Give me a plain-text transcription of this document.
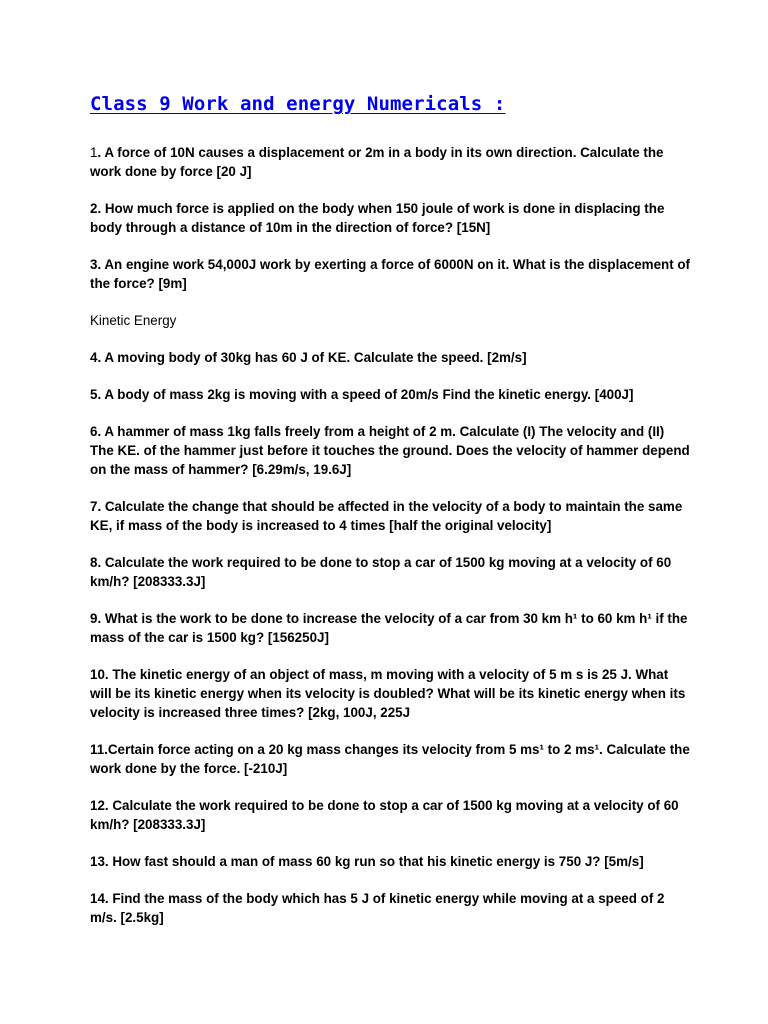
Class 9 Work and energy Numericals :

1. A force of 10N causes a displacement or 2m in a body in its own direction. Calculate the work done by force [20 J]

2. How much force is applied on the body when 150 joule of work is done in displacing the body through a distance of 10m in the direction of force? [15N]

3. An engine work 54,000J work by exerting a force of 6000N on it. What is the displacement of the force? [9m]

Kinetic Energy

4. A moving body of 30kg has 60 J of KE. Calculate the speed. [2m/s]

5. A body of mass 2kg is moving with a speed of 20m/s Find the kinetic energy. [400J]

6. A hammer of mass 1kg falls freely from a height of 2 m. Calculate (I) The velocity and (II) The KE. of the hammer just before it touches the ground. Does the velocity of hammer depend on the mass of hammer? [6.29m/s, 19.6J]

7. Calculate the change that should be affected in the velocity of a body to maintain the same KE, if mass of the body is increased to 4 times [half the original velocity]

8. Calculate the work required to be done to stop a car of 1500 kg moving at a velocity of 60 km/h? [208333.3J]

9. What is the work to be done to increase the velocity of a car from 30 km h¹ to 60 km h¹ if the mass of the car is 1500 kg? [156250J]

10. The kinetic energy of an object of mass, m moving with a velocity of 5 m s is 25 J. What will be its kinetic energy when its velocity is doubled? What will be its kinetic energy when its velocity is increased three times? [2kg, 100J, 225J

11.Certain force acting on a 20 kg mass changes its velocity from 5 ms¹ to 2 ms¹. Calculate the work done by the force. [-210J]

12. Calculate the work required to be done to stop a car of 1500 kg moving at a velocity of 60 km/h? [208333.3J]

13. How fast should a man of mass 60 kg run so that his kinetic energy is 750 J? [5m/s]

14. Find the mass of the body which has 5 J of kinetic energy while moving at a speed of 2 m/s. [2.5kg]
